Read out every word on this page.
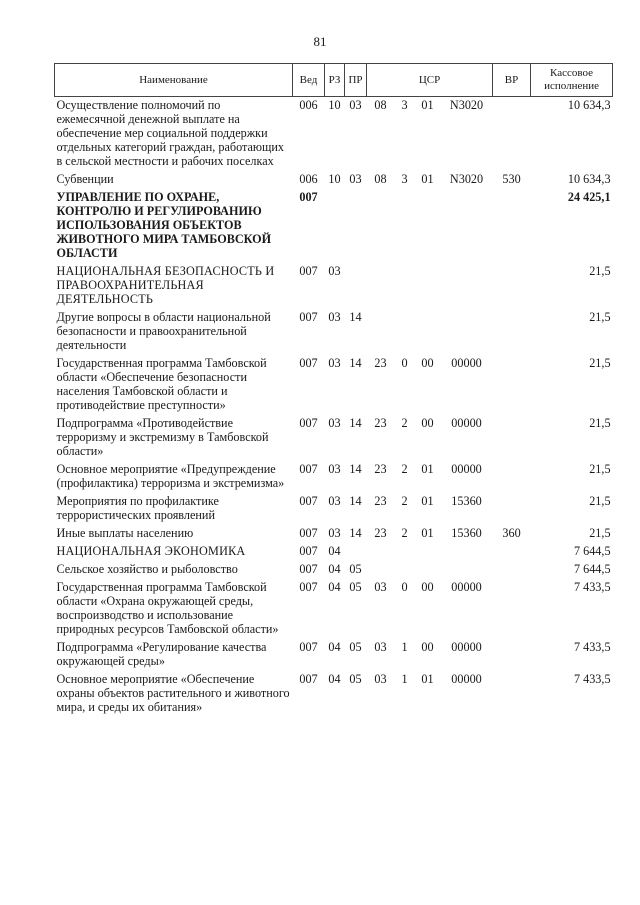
81
Наименование	Вед	РЗ	ПР	ЦСР				ВР	Кассовое исполнение
Осуществление полномочий по ежемесячной денежной выплате на обеспечение мер социальной поддержки отдельных категорий граждан, работающих в сельской местности и рабочих поселках	006	10	03	08	3	01	N3020		10 634,3
Субвенции	006	10	03	08	3	01	N3020	530	10 634,3
УПРАВЛЕНИЕ ПО ОХРАНЕ, КОНТРОЛЮ И РЕГУЛИРОВАНИЮ ИСПОЛЬЗОВАНИЯ ОБЪЕКТОВ ЖИВОТНОГО МИРА ТАМБОВСКОЙ ОБЛАСТИ	007								24 425,1
НАЦИОНАЛЬНАЯ БЕЗОПАСНОСТЬ И ПРАВООХРАНИТЕЛЬНАЯ ДЕЯТЕЛЬНОСТЬ	007	03							21,5
Другие вопросы в области национальной безопасности и правоохранительной деятельности	007	03	14						21,5
Государственная программа Тамбовской области «Обеспечение безопасности населения Тамбовской области и противодействие преступности»	007	03	14	23	0	00	00000		21,5
Подпрограмма «Противодействие терроризму и экстремизму в Тамбовской области»	007	03	14	23	2	00	00000		21,5
Основное мероприятие «Предупреждение (профилактика) терроризма и экстремизма»	007	03	14	23	2	01	00000		21,5
Мероприятия по профилактике террористических проявлений	007	03	14	23	2	01	15360		21,5
Иные выплаты населению	007	03	14	23	2	01	15360	360	21,5
НАЦИОНАЛЬНАЯ ЭКОНОМИКА	007	04							7 644,5
Сельское хозяйство и рыболовство	007	04	05						7 644,5
Государственная программа Тамбовской области «Охрана окружающей среды, воспроизводство и использование природных ресурсов Тамбовской области»	007	04	05	03	0	00	00000		7 433,5
Подпрограмма «Регулирование качества окружающей среды»	007	04	05	03	1	00	00000		7 433,5
Основное мероприятие «Обеспечение охраны объектов растительного и животного мира, и среды их обитания»	007	04	05	03	1	01	00000		7 433,5
